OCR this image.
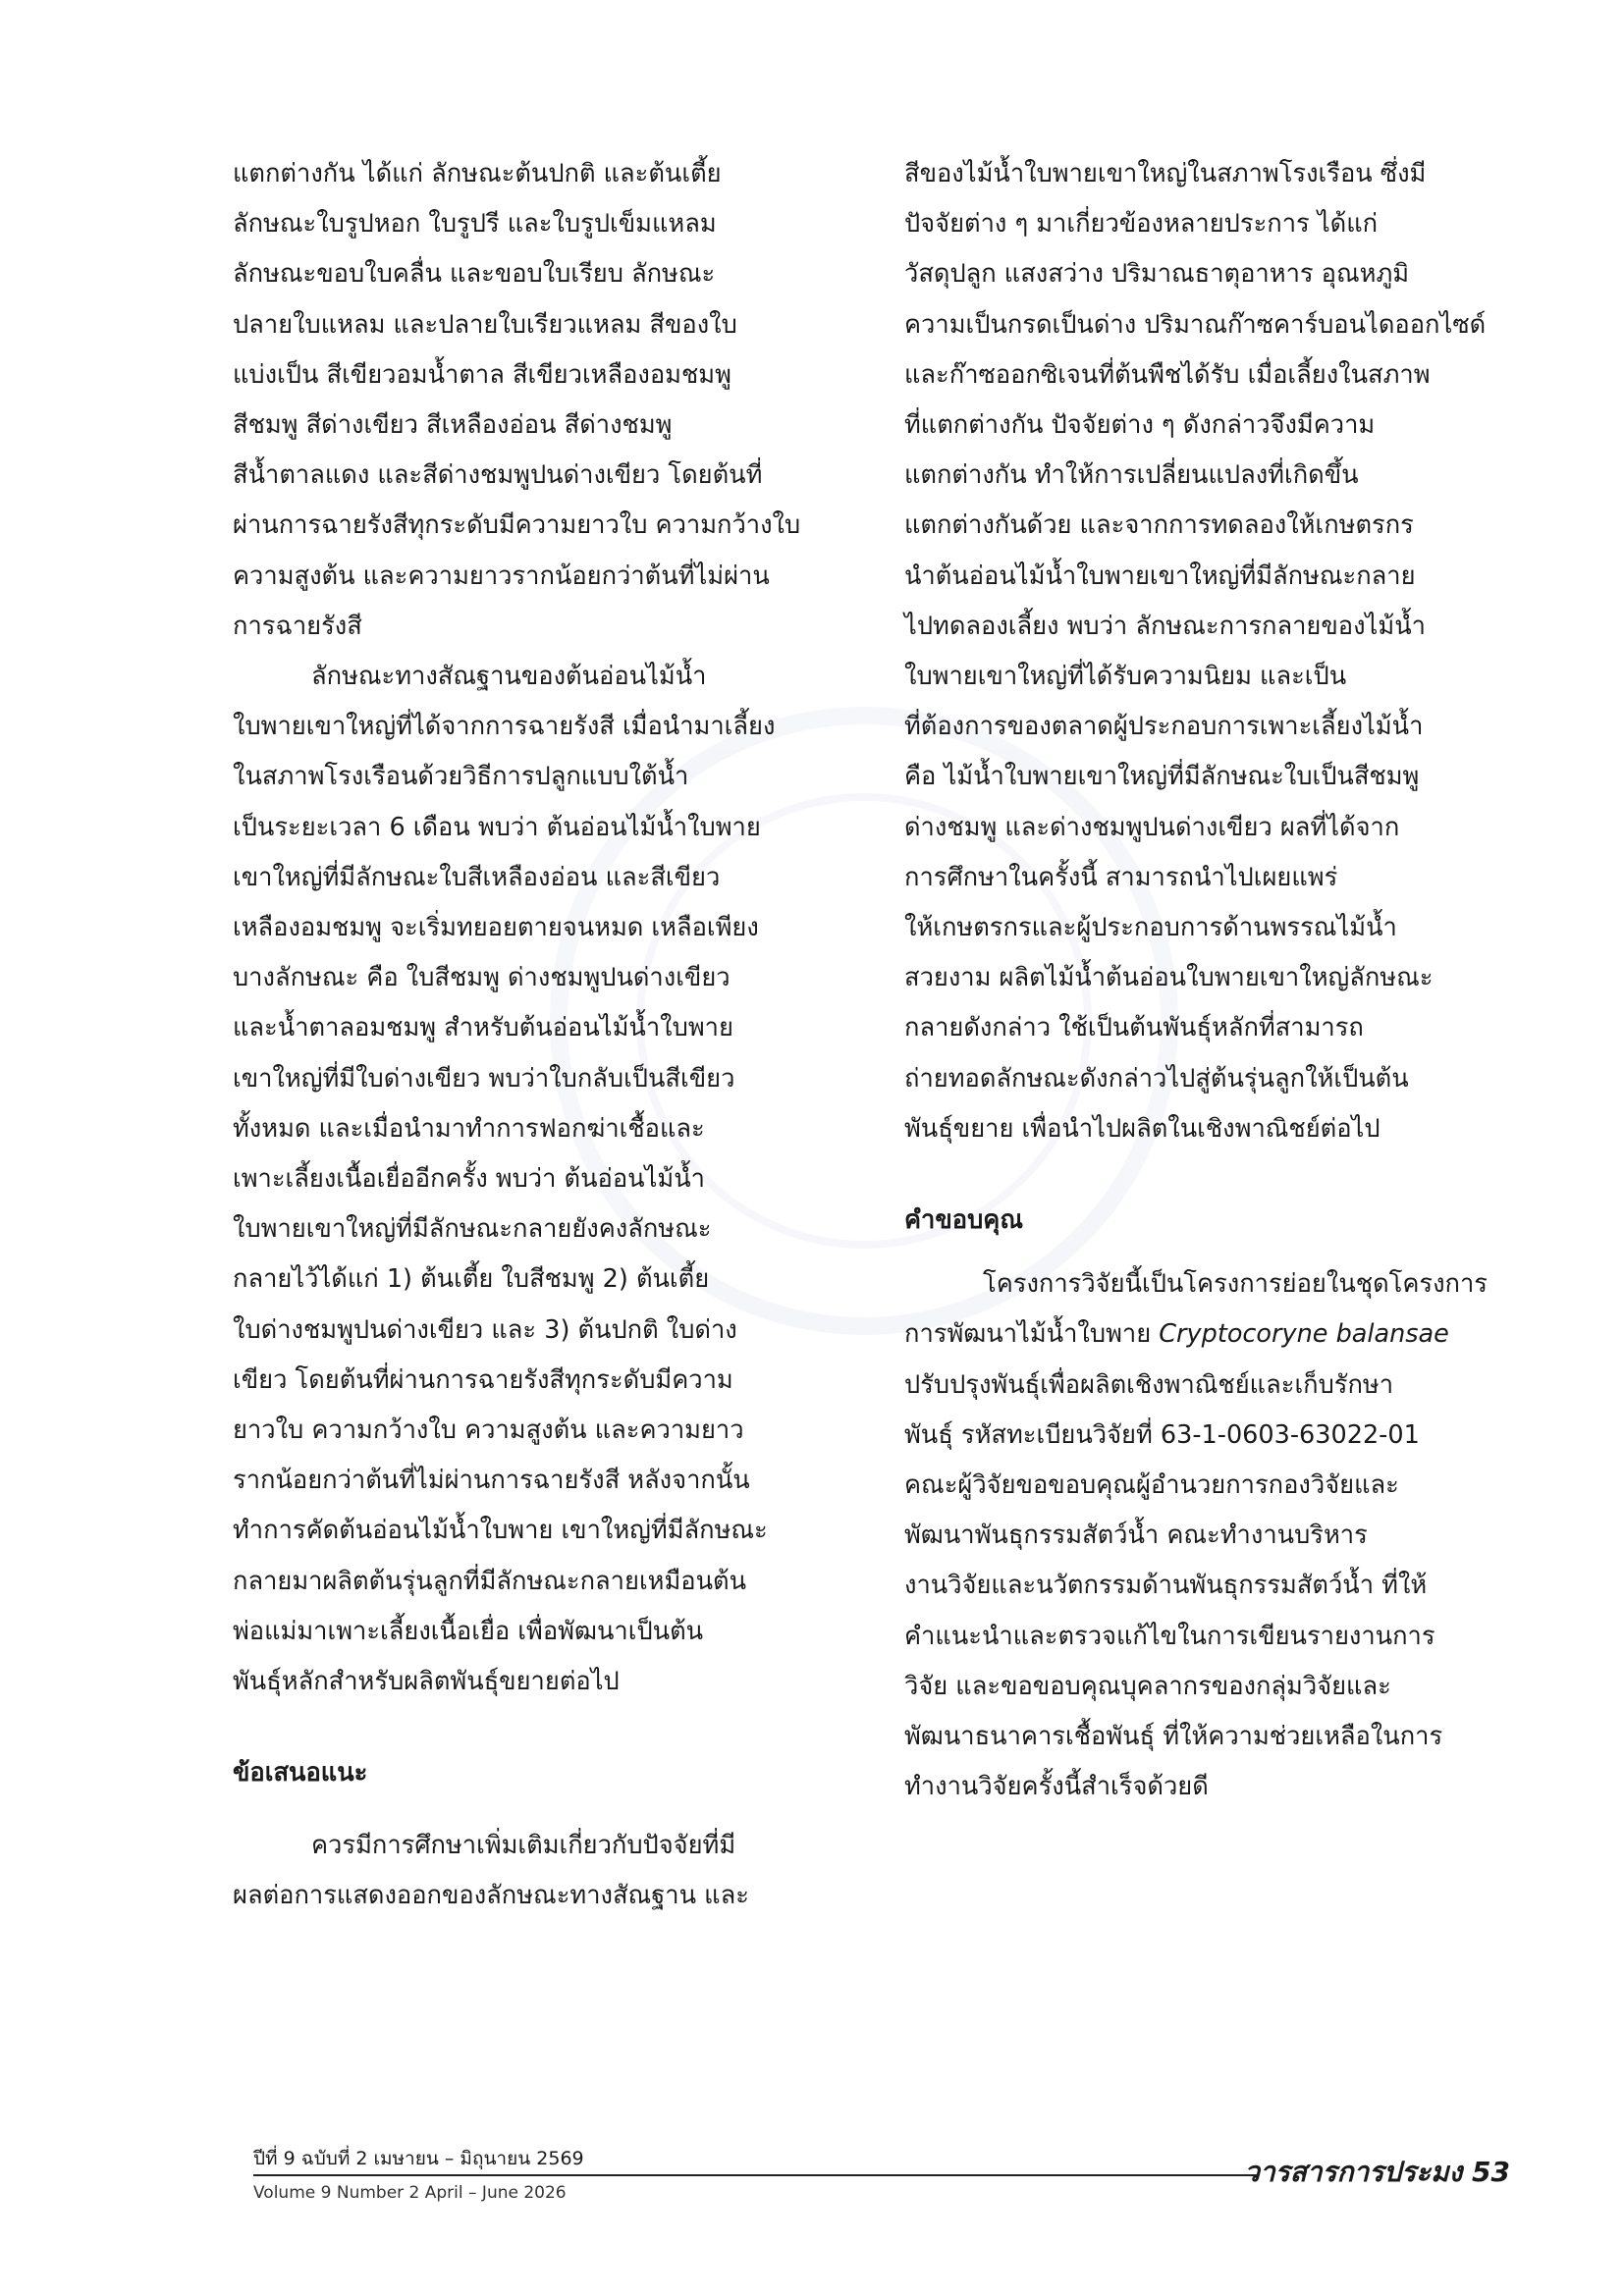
แตกต่างกัน ได้แก่ ลักษณะต้นปกติ และต้นเตี้ย
ลักษณะใบรูปหอก ใบรูปรี และใบรูปเข็มแหลม
ลักษณะขอบใบคลื่น และขอบใบเรียบ ลักษณะ
ปลายใบแหลม และปลายใบเรียวแหลม สีของใบ
แบ่งเป็น สีเขียวอมน้ำตาล สีเขียวเหลืองอมชมพู
สีชมพู สีด่างเขียว สีเหลืองอ่อน สีด่างชมพู
สีน้ำตาลแดง และสีด่างชมพูปนด่างเขียว โดยต้นที่
ผ่านการฉายรังสีทุกระดับมีความยาวใบ ความกว้างใบ
ความสูงต้น และความยาวรากน้อยกว่าต้นที่ไม่ผ่าน
การฉายรังสี

ลักษณะทางสัณฐานของต้นอ่อนไม้น้ำ
ใบพายเขาใหญ่ที่ได้จากการฉายรังสี เมื่อนำมาเลี้ยง
ในสภาพโรงเรือนด้วยวิธีการปลูกแบบใต้น้ำ
เป็นระยะเวลา 6 เดือน พบว่า ต้นอ่อนไม้น้ำใบพาย
เขาใหญ่ที่มีลักษณะใบสีเหลืองอ่อน และสีเขียว
เหลืองอมชมพู จะเริ่มทยอยตายจนหมด เหลือเพียง
บางลักษณะ คือ ใบสีชมพู ด่างชมพูปนด่างเขียว
และน้ำตาลอมชมพู สำหรับต้นอ่อนไม้น้ำใบพาย
เขาใหญ่ที่มีใบด่างเขียว พบว่าใบกลับเป็นสีเขียว
ทั้งหมด และเมื่อนำมาทำการฟอกฆ่าเชื้อและ
เพาะเลี้ยงเนื้อเยื่ออีกครั้ง พบว่า ต้นอ่อนไม้น้ำ
ใบพายเขาใหญ่ที่มีลักษณะกลายยังคงลักษณะ
กลายไว้ได้แก่ 1) ต้นเตี้ย ใบสีชมพู 2) ต้นเตี้ย
ใบด่างชมพูปนด่างเขียว และ 3) ต้นปกติ ใบด่าง
เขียว โดยต้นที่ผ่านการฉายรังสีทุกระดับมีความ
ยาวใบ ความกว้างใบ ความสูงต้น และความยาว
รากน้อยกว่าต้นที่ไม่ผ่านการฉายรังสี หลังจากนั้น
ทำการคัดต้นอ่อนไม้น้ำใบพาย เขาใหญ่ที่มีลักษณะ
กลายมาผลิตต้นรุ่นลูกที่มีลักษณะกลายเหมือนต้น
พ่อแม่มาเพาะเลี้ยงเนื้อเยื่อ เพื่อพัฒนาเป็นต้น
พันธุ์หลักสำหรับผลิตพันธุ์ขยายต่อไป

ข้อเสนอแนะ

ควรมีการศึกษาเพิ่มเติมเกี่ยวกับปัจจัยที่มี
ผลต่อการแสดงออกของลักษณะทางสัณฐาน และ

สีของไม้น้ำใบพายเขาใหญ่ในสภาพโรงเรือน ซึ่งมี
ปัจจัยต่าง ๆ มาเกี่ยวข้องหลายประการ ได้แก่
วัสดุปลูก แสงสว่าง ปริมาณธาตุอาหาร อุณหภูมิ
ความเป็นกรดเป็นด่าง ปริมาณก๊าซคาร์บอนไดออกไซด์
และก๊าซออกซิเจนที่ต้นพืชได้รับ เมื่อเลี้ยงในสภาพ
ที่แตกต่างกัน ปัจจัยต่าง ๆ ดังกล่าวจึงมีความ
แตกต่างกัน ทำให้การเปลี่ยนแปลงที่เกิดขึ้น
แตกต่างกันด้วย และจากการทดลองให้เกษตรกร
นำต้นอ่อนไม้น้ำใบพายเขาใหญ่ที่มีลักษณะกลาย
ไปทดลองเลี้ยง พบว่า ลักษณะการกลายของไม้น้ำ
ใบพายเขาใหญ่ที่ได้รับความนิยม และเป็น
ที่ต้องการของตลาดผู้ประกอบการเพาะเลี้ยงไม้น้ำ
คือ ไม้น้ำใบพายเขาใหญ่ที่มีลักษณะใบเป็นสีชมพู
ด่างชมพู และด่างชมพูปนด่างเขียว ผลที่ได้จาก
การศึกษาในครั้งนี้ สามารถนำไปเผยแพร่
ให้เกษตรกรและผู้ประกอบการด้านพรรณไม้น้ำ
สวยงาม ผลิตไม้น้ำต้นอ่อนใบพายเขาใหญ่ลักษณะ
กลายดังกล่าว ใช้เป็นต้นพันธุ์หลักที่สามารถ
ถ่ายทอดลักษณะดังกล่าวไปสู่ต้นรุ่นลูกให้เป็นต้น
พันธุ์ขยาย เพื่อนำไปผลิตในเชิงพาณิชย์ต่อไป

คำขอบคุณ

โครงการวิจัยนี้เป็นโครงการย่อยในชุดโครงการ
การพัฒนาไม้น้ำใบพาย Cryptocoryne balansae
ปรับปรุงพันธุ์เพื่อผลิตเชิงพาณิชย์และเก็บรักษา
พันธุ์ รหัสทะเบียนวิจัยที่ 63-1-0603-63022-01
คณะผู้วิจัยขอขอบคุณผู้อำนวยการกองวิจัยและ
พัฒนาพันธุกรรมสัตว์น้ำ คณะทำงานบริหาร
งานวิจัยและนวัตกรรมด้านพันธุกรรมสัตว์น้ำ ที่ให้
คำแนะนำและตรวจแก้ไขในการเขียนรายงานการ
วิจัย และขอขอบคุณบุคลากรของกลุ่มวิจัยและ
พัฒนาธนาคารเชื้อพันธุ์ ที่ให้ความช่วยเหลือในการ
ทำงานวิจัยครั้งนี้สำเร็จด้วยดี

ปีที่ 9 ฉบับที่ 2 เมษายน – มิถุนายน 2569
Volume 9 Number 2 April – June 2026
วารสารการประมง 53
